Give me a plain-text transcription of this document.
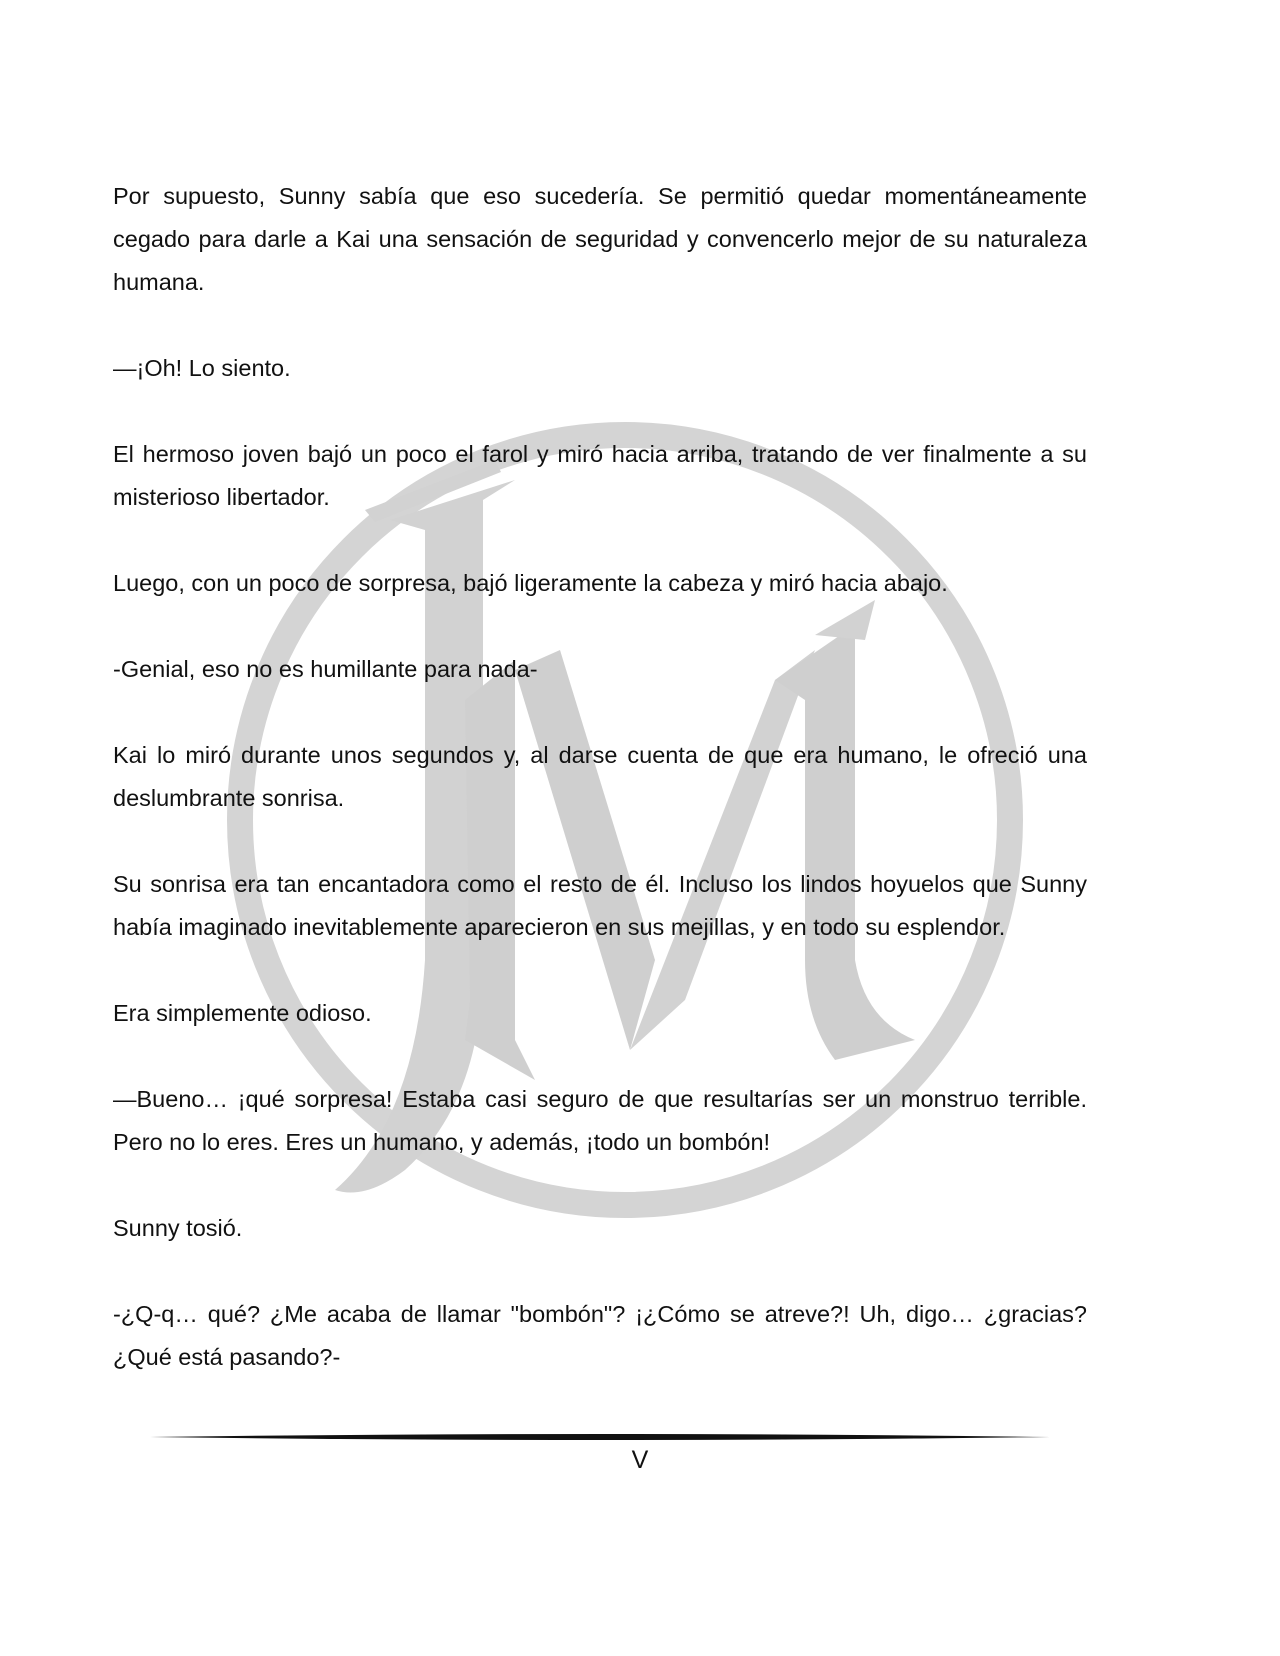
Por supuesto, Sunny sabía que eso sucedería. Se permitió quedar momentáneamente cegado para darle a Kai una sensación de seguridad y convencerlo mejor de su naturaleza humana.

—¡Oh! Lo siento.

El hermoso joven bajó un poco el farol y miró hacia arriba, tratando de ver finalmente a su misterioso libertador.

Luego, con un poco de sorpresa, bajó ligeramente la cabeza y miró hacia abajo.

-Genial, eso no es humillante para nada-

Kai lo miró durante unos segundos y, al darse cuenta de que era humano, le ofreció una deslumbrante sonrisa.

Su sonrisa era tan encantadora como el resto de él. Incluso los lindos hoyuelos que Sunny había imaginado inevitablemente aparecieron en sus mejillas, y en todo su esplendor.

Era simplemente odioso.

—Bueno… ¡qué sorpresa! Estaba casi seguro de que resultarías ser un monstruo terrible. Pero no lo eres. Eres un humano, y además, ¡todo un bombón!

Sunny tosió.

-¿Q-q… qué? ¿Me acaba de llamar "bombón"? ¡¿Cómo se atreve?! Uh, digo… ¿gracias? ¿Qué está pasando?-

V
